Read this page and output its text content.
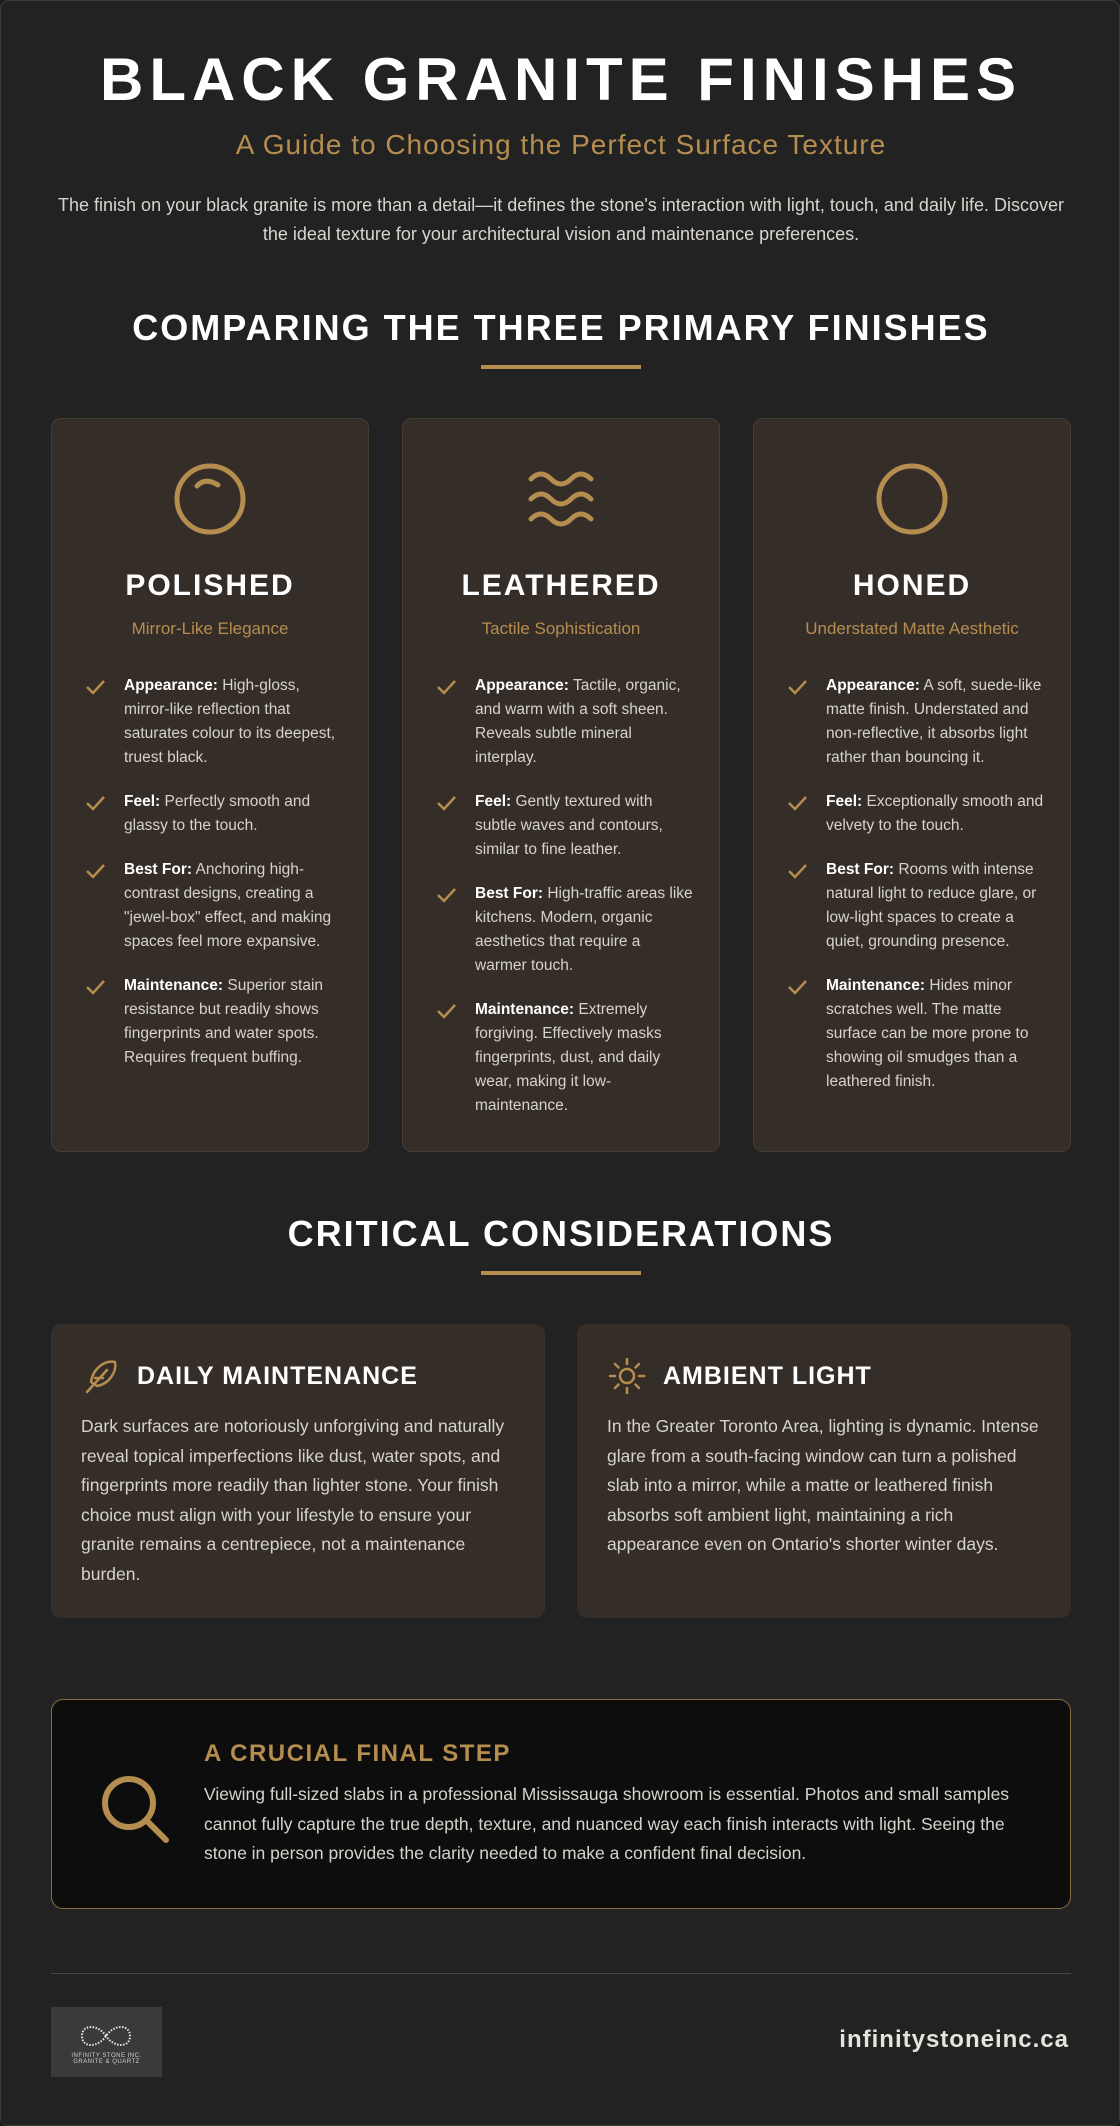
BLACK GRANITE FINISHES
A Guide to Choosing the Perfect Surface Texture

The finish on your black granite is more than a detail—it defines the stone's interaction with light, touch, and daily life. Discover the ideal texture for your architectural vision and maintenance preferences.

COMPARING THE THREE PRIMARY FINISHES
POLISHED
Mirror-Like Elegance
Appearance: High-gloss, mirror-like reflection that saturates colour to its deepest, truest black.
Feel: Perfectly smooth and glassy to the touch.
Best For: Anchoring high-contrast designs, creating a "jewel-box" effect, and making spaces feel more expansive.
Maintenance: Superior stain resistance but readily shows fingerprints and water spots. Requires frequent buffing.
LEATHERED
Tactile Sophistication
Appearance: Tactile, organic, and warm with a soft sheen. Reveals subtle mineral interplay.
Feel: Gently textured with subtle waves and contours, similar to fine leather.
Best For: High-traffic areas like kitchens. Modern, organic aesthetics that require a warmer touch.
Maintenance: Extremely forgiving. Effectively masks fingerprints, dust, and daily wear, making it low-maintenance.
HONED
Understated Matte Aesthetic
Appearance: A soft, suede-like matte finish. Understated and non-reflective, it absorbs light rather than bouncing it.
Feel: Exceptionally smooth and velvety to the touch.
Best For: Rooms with intense natural light to reduce glare, or low-light spaces to create a quiet, grounding presence.
Maintenance: Hides minor scratches well. The matte surface can be more prone to showing oil smudges than a leathered finish.
CRITICAL CONSIDERATIONS
DAILY MAINTENANCE

Dark surfaces are notoriously unforgiving and naturally reveal topical imperfections like dust, water spots, and fingerprints more readily than lighter stone. Your finish choice must align with your lifestyle to ensure your granite remains a centrepiece, not a maintenance burden.

AMBIENT LIGHT

In the Greater Toronto Area, lighting is dynamic. Intense glare from a south-facing window can turn a polished slab into a mirror, while a matte or leathered finish absorbs soft ambient light, maintaining a rich appearance even on Ontario's shorter winter days.

A CRUCIAL FINAL STEP

Viewing full-sized slabs in a professional Mississauga showroom is essential. Photos and small samples cannot fully capture the true depth, texture, and nuanced way each finish interacts with light. Seeing the stone in person provides the clarity needed to make a confident final decision.

INFINITY STONE INC.
GRANITE & QUARTZ
infinitystoneinc.ca
